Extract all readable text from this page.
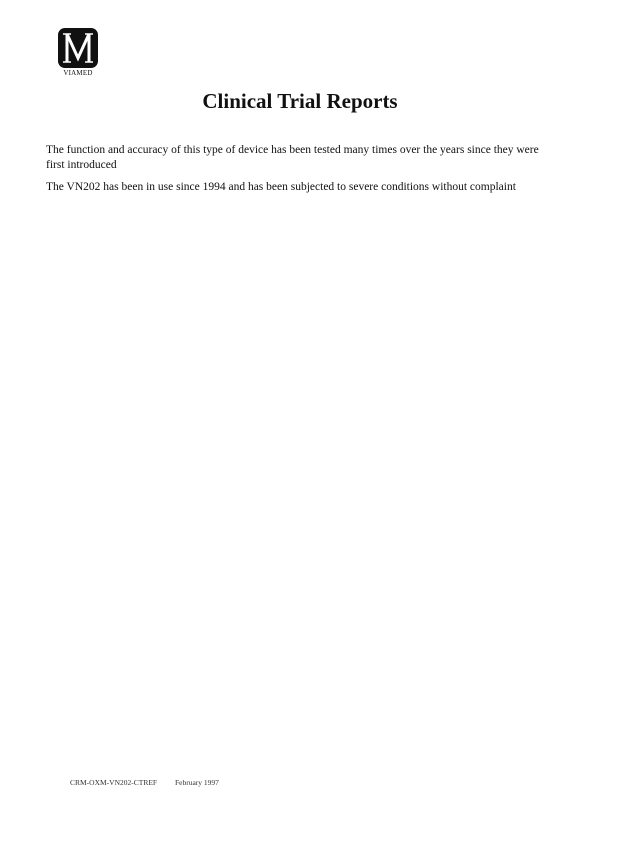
VIAMED
Clinical Trial Reports

The function and accuracy of this type of device has been tested many times over the years since they were first introduced

The VN202 has been in use since 1994 and has been subjected to severe conditions without complaint

CRM-OXM-VN202-CTREF February 1997
